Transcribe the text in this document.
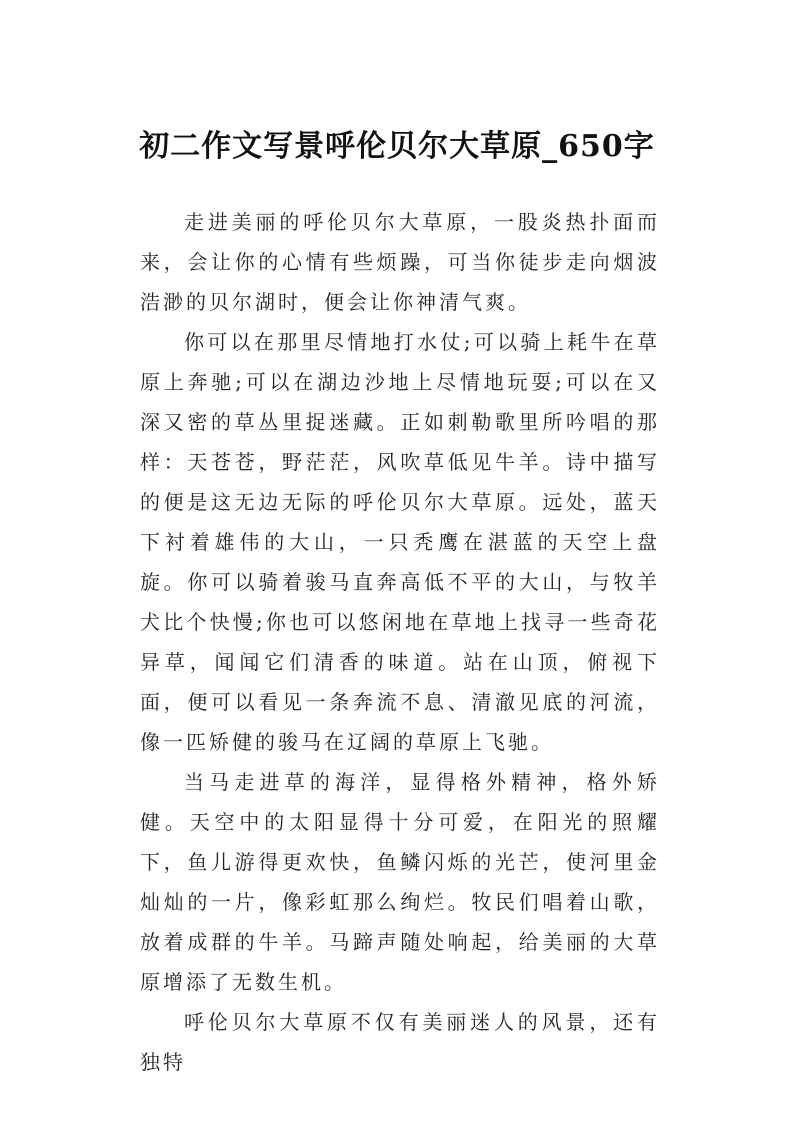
初二作文写景呼伦贝尔大草原_650字

走进美丽的呼伦贝尔大草原，一股炎热扑面而来，会让你的心情有些烦躁，可当你徒步走向烟波浩渺的贝尔湖时，便会让你神清气爽。

你可以在那里尽情地打水仗;可以骑上耗牛在草原上奔驰;可以在湖边沙地上尽情地玩耍;可以在又深又密的草丛里捉迷藏。正如刺勒歌里所吟唱的那样：天苍苍，野茫茫，风吹草低见牛羊。诗中描写的便是这无边无际的呼伦贝尔大草原。远处，蓝天下衬着雄伟的大山，一只秃鹰在湛蓝的天空上盘旋。你可以骑着骏马直奔高低不平的大山，与牧羊犬比个快慢;你也可以悠闲地在草地上找寻一些奇花异草，闻闻它们清香的味道。站在山顶，俯视下面，便可以看见一条奔流不息、清澈见底的河流，像一匹矫健的骏马在辽阔的草原上飞驰。

当马走进草的海洋，显得格外精神，格外矫健。天空中的太阳显得十分可爱，在阳光的照耀下，鱼儿游得更欢快，鱼鳞闪烁的光芒，使河里金灿灿的一片，像彩虹那么绚烂。牧民们唱着山歌，放着成群的牛羊。马蹄声随处响起，给美丽的大草原增添了无数生机。

呼伦贝尔大草原不仅有美丽迷人的风景，还有独特
